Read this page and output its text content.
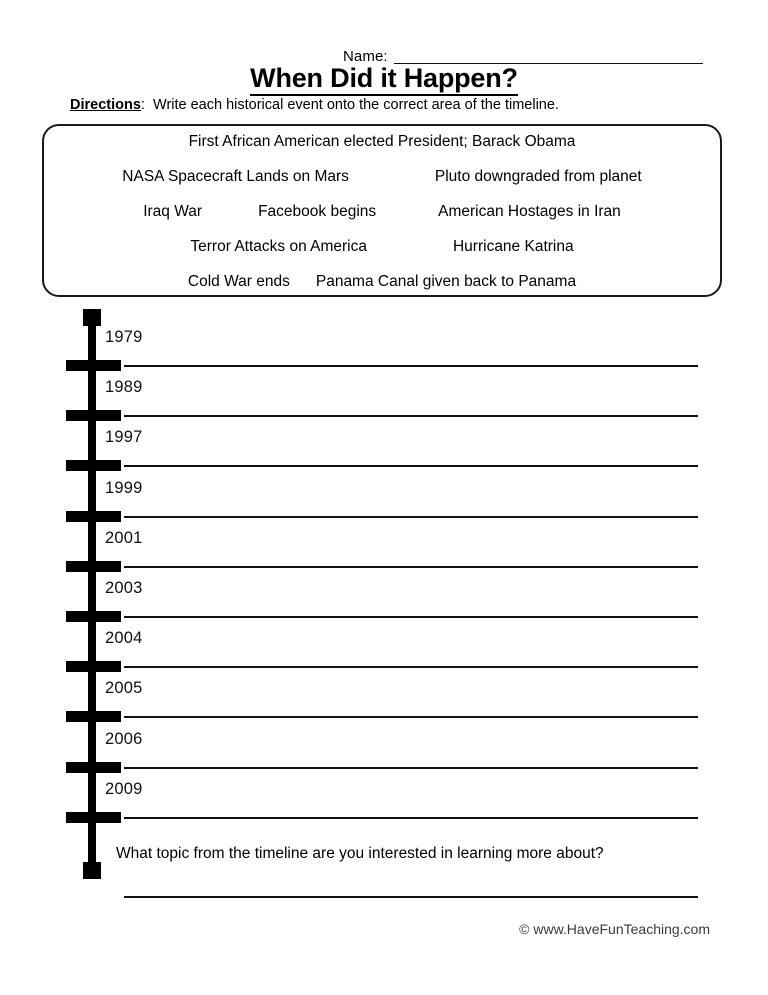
Name:
When Did it Happen?
Directions: Write each historical event onto the correct area of the timeline.
First African American elected President; Barack Obama
NASA Spacecraft Lands on Mars	Pluto downgraded from planet
Iraq War	Facebook begins	American Hostages in Iran
Terror Attacks on America	Hurricane Katrina
Cold War ends Panama Canal given back to Panama
1979
1989
1997
1999
2001
2003
2004
2005
2006
2009
What topic from the timeline are you interested in learning more about?
© www.HaveFunTeaching.com
